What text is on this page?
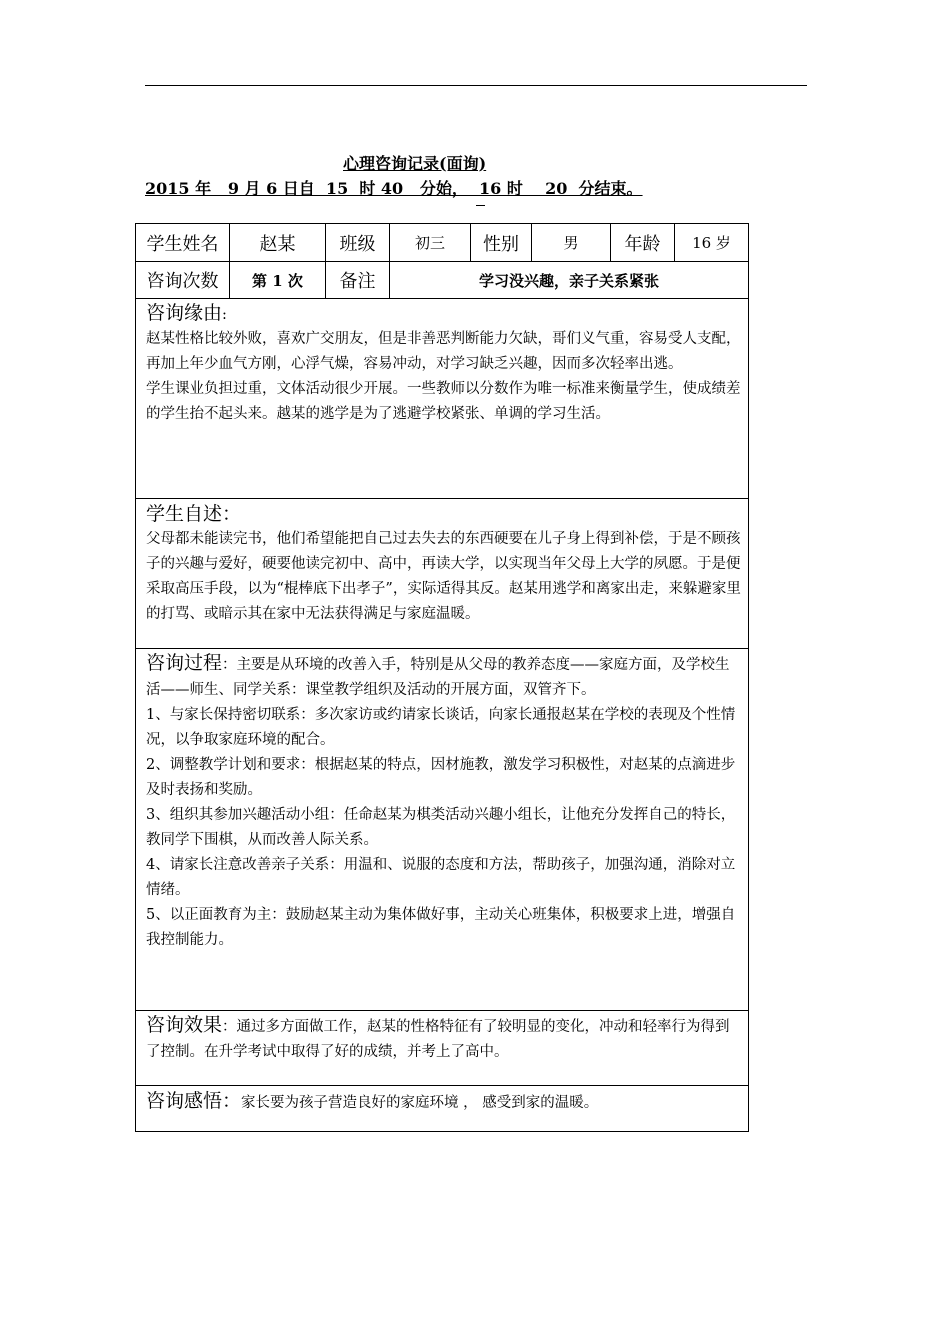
心理咨询记录(面询)
2015 年   9 月 6 日自  15  时 40   分始，  16 时    20  分结束。
学生姓名	赵某	班级	初三	性别	男	年龄	16 岁
咨询次数	第 1 次	备注	学习没兴趣，亲子关系紧张
咨询缘由:

赵某性格比较外败，喜欢广交朋友，但是非善恶判断能力欠缺，哥们义气重，容易受人支配，再加上年少血气方刚，心浮气燥，容易冲动，对学习缺乏兴趣，因而多次轻率出逃。

学生课业负担过重，文体活动很少开展。一些教师以分数作为唯一标准来衡量学生，使成绩差的学生抬不起头来。越某的逃学是为了逃避学校紧张、单调的学习生活。

学生自述：

父母都未能读完书，他们希望能把自己过去失去的东西硬要在儿子身上得到补偿，于是不顾孩子的兴趣与爱好，硬要他读完初中、高中，再读大学，以实现当年父母上大学的夙愿。于是便采取高压手段，以为“棍棒底下出孝子”，实际适得其反。赵某用逃学和离家出走，来躲避家里的打骂、或暗示其在家中无法获得满足与家庭温暖。

咨询过程：主要是从环境的改善入手，特别是从父母的教养态度——家庭方面，及学校生活——师生、同学关系：课堂教学组织及活动的开展方面，双管齐下。

1、与家长保持密切联系：多次家访或约请家长谈话，向家长通报赵某在学校的表现及个性情况，以争取家庭环境的配合。

2、调整教学计划和要求：根据赵某的特点，因材施教，激发学习积极性，对赵某的点滴进步及时表扬和奖励。

3、组织其参加兴趣活动小组：任命赵某为棋类活动兴趣小组长，让他充分发挥自己的特长，教同学下围棋，从而改善人际关系。

4、请家长注意改善亲子关系：用温和、说服的态度和方法，帮助孩子，加强沟通，消除对立情绪。

5、以正面教育为主：鼓励赵某主动为集体做好事，主动关心班集体，积极要求上进，增强自我控制能力。

咨询效果：通过多方面做工作，赵某的性格特征有了较明显的变化，冲动和轻率行为得到了控制。在升学考试中取得了好的成绩，并考上了高中。

咨询感悟：家长要为孩子营造良好的家庭环境 ， 感受到家的温暖。
